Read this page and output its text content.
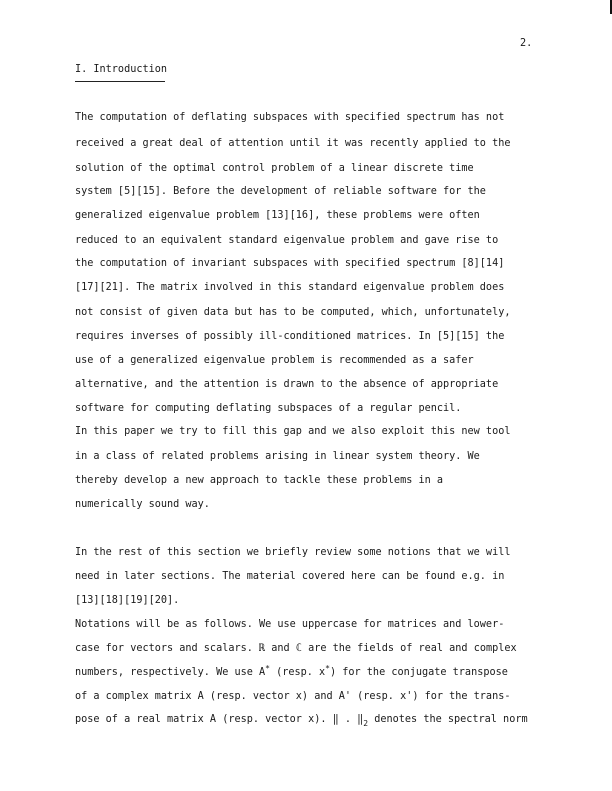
2.
I. Introduction
The computation of deflating subspaces with specified spectrum has not
received a great deal of attention until it was recently applied to the
solution of the optimal control problem of a linear discrete time
system [5][15]. Before the development of reliable software for the
generalized eigenvalue problem [13][16], these problems were often
reduced to an equivalent standard eigenvalue problem and gave rise to
the computation of invariant subspaces with specified spectrum [8][14]
[17][21]. The matrix involved in this standard eigenvalue problem does
not consist of given data but has to be computed, which, unfortunately,
requires inverses of possibly ill-conditioned matrices. In [5][15] the
use of a generalized eigenvalue problem is recommended as a safer
alternative, and the attention is drawn to the absence of appropriate
software for computing deflating subspaces of a regular pencil.
In this paper we try to fill this gap and we also exploit this new tool
in a class of related problems arising in linear system theory. We
thereby develop a new approach to tackle these problems in a
numerically sound way.
In the rest of this section we briefly review some notions that we will
need in later sections. The material covered here can be found e.g. in
[13][18][19][20].
Notations will be as follows. We use uppercase for matrices and lower-
case for vectors and scalars. ℝ and ℂ are the fields of real and complex
numbers, respectively. We use A* (resp. x*) for the conjugate transpose
of a complex matrix A (resp. vector x) and A' (resp. x') for the trans-
pose of a real matrix A (resp. vector x). ‖ . $‖_2$ denotes the spectral norm
